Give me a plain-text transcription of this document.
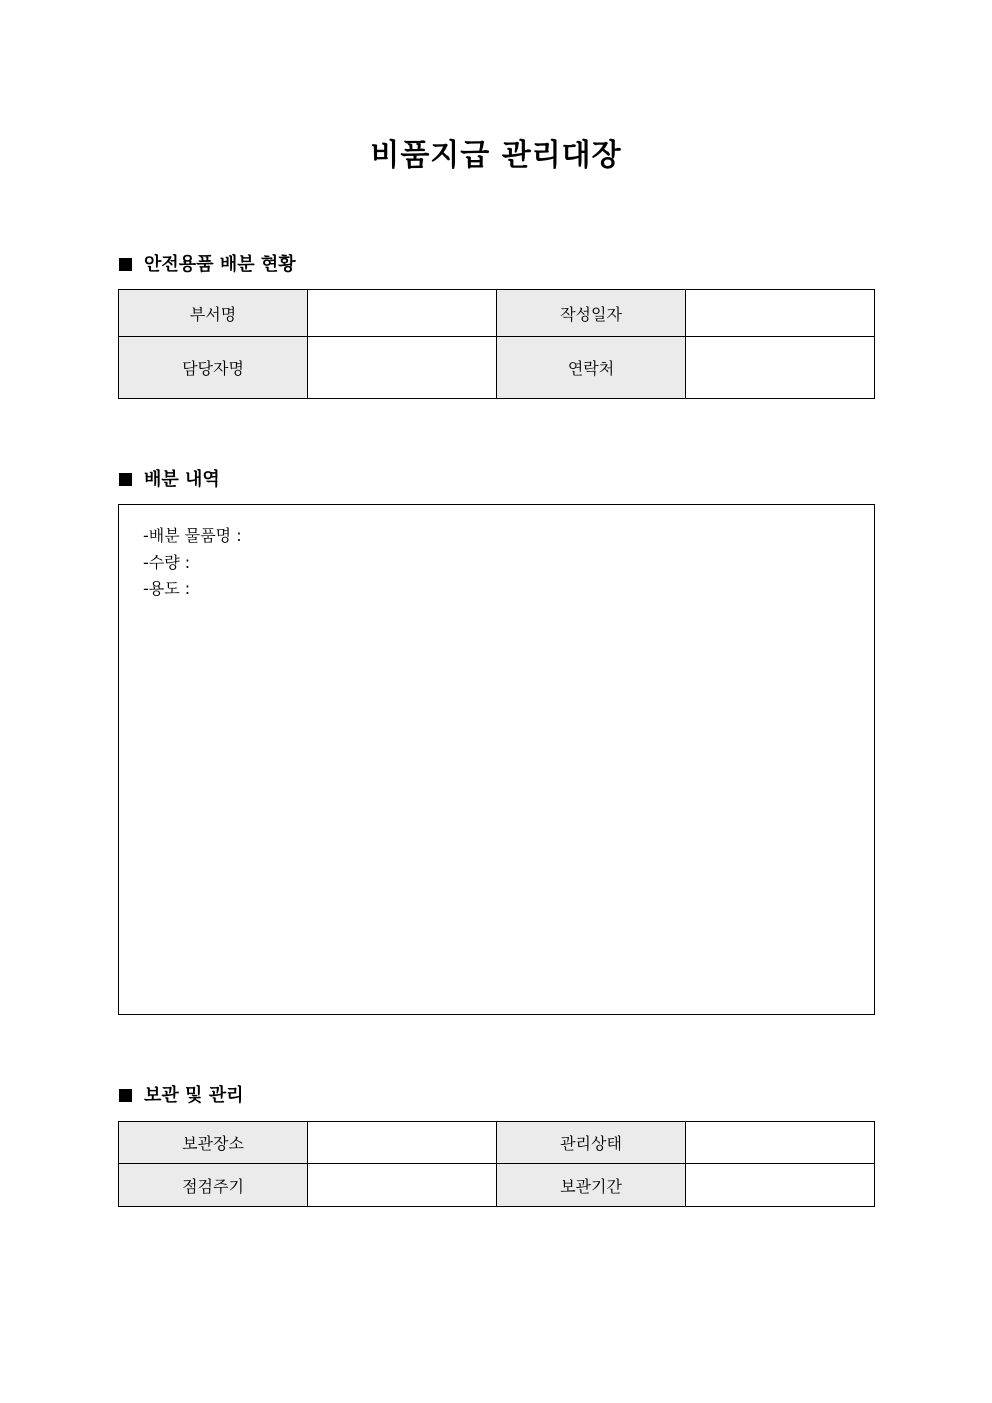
비품지급 관리대장
안전용품 배분 현황
부서명		작성일자	
담당자명		연락처	
배분 내역
-배분 물품명 :
-수량 :
-용도 :
보관 및 관리
보관장소		관리상태	
점검주기		보관기간	
